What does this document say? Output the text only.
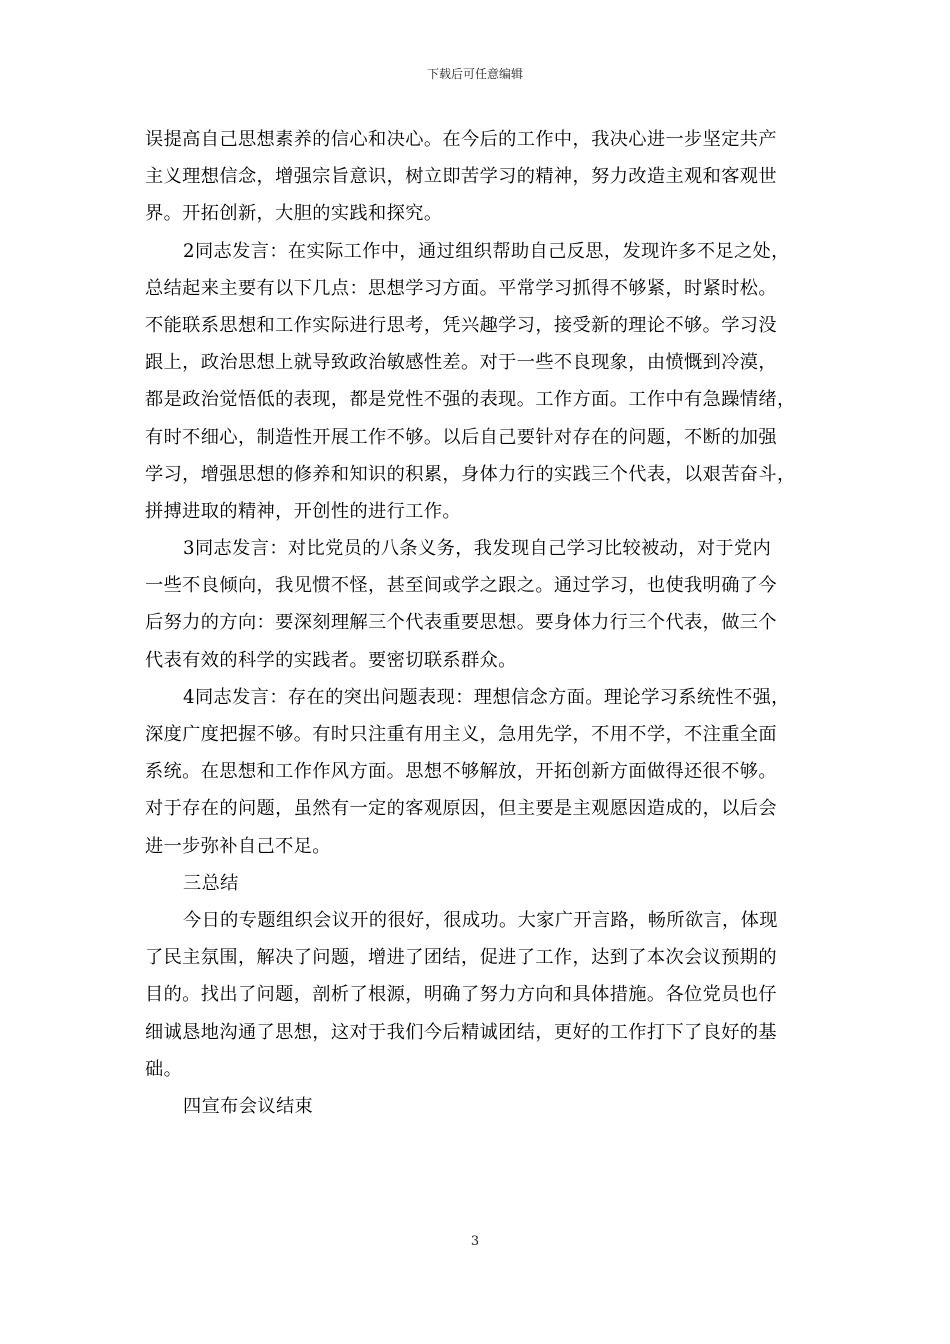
下载后可任意编辑
误提高自己思想素养的信心和决心。在今后的工作中，我决心进一步坚定共产
主义理想信念，增强宗旨意识，树立即苦学习的精神，努力改造主观和客观世
界。开拓创新，大胆的实践和探究。
2同志发言：在实际工作中，通过组织帮助自己反思，发现许多不足之处，
总结起来主要有以下几点：思想学习方面。平常学习抓得不够紧，时紧时松。
不能联系思想和工作实际进行思考，凭兴趣学习，接受新的理论不够。学习没
跟上，政治思想上就导致政治敏感性差。对于一些不良现象，由愤慨到冷漠，
都是政治觉悟低的表现，都是党性不强的表现。工作方面。工作中有急躁情绪，
有时不细心，制造性开展工作不够。以后自己要针对存在的问题，不断的加强
学习，增强思想的修养和知识的积累，身体力行的实践三个代表，以艰苦奋斗，
拼搏进取的精神，开创性的进行工作。
3同志发言：对比党员的八条义务，我发现自己学习比较被动，对于党内
一些不良倾向，我见惯不怪，甚至间或学之跟之。通过学习，也使我明确了今
后努力的方向：要深刻理解三个代表重要思想。要身体力行三个代表，做三个
代表有效的科学的实践者。要密切联系群众。
4同志发言：存在的突出问题表现：理想信念方面。理论学习系统性不强，
深度广度把握不够。有时只注重有用主义，急用先学，不用不学，不注重全面
系统。在思想和工作作风方面。思想不够解放，开拓创新方面做得还很不够。
对于存在的问题，虽然有一定的客观原因，但主要是主观愿因造成的，以后会
进一步弥补自己不足。
三总结
今日的专题组织会议开的很好，很成功。大家广开言路，畅所欲言，体现
了民主氛围，解决了问题，增进了团结，促进了工作，达到了本次会议预期的
目的。找出了问题，剖析了根源，明确了努力方向和具体措施。各位党员也仔
细诚恳地沟通了思想，这对于我们今后精诚团结，更好的工作打下了良好的基
础。
四宣布会议结束
3
